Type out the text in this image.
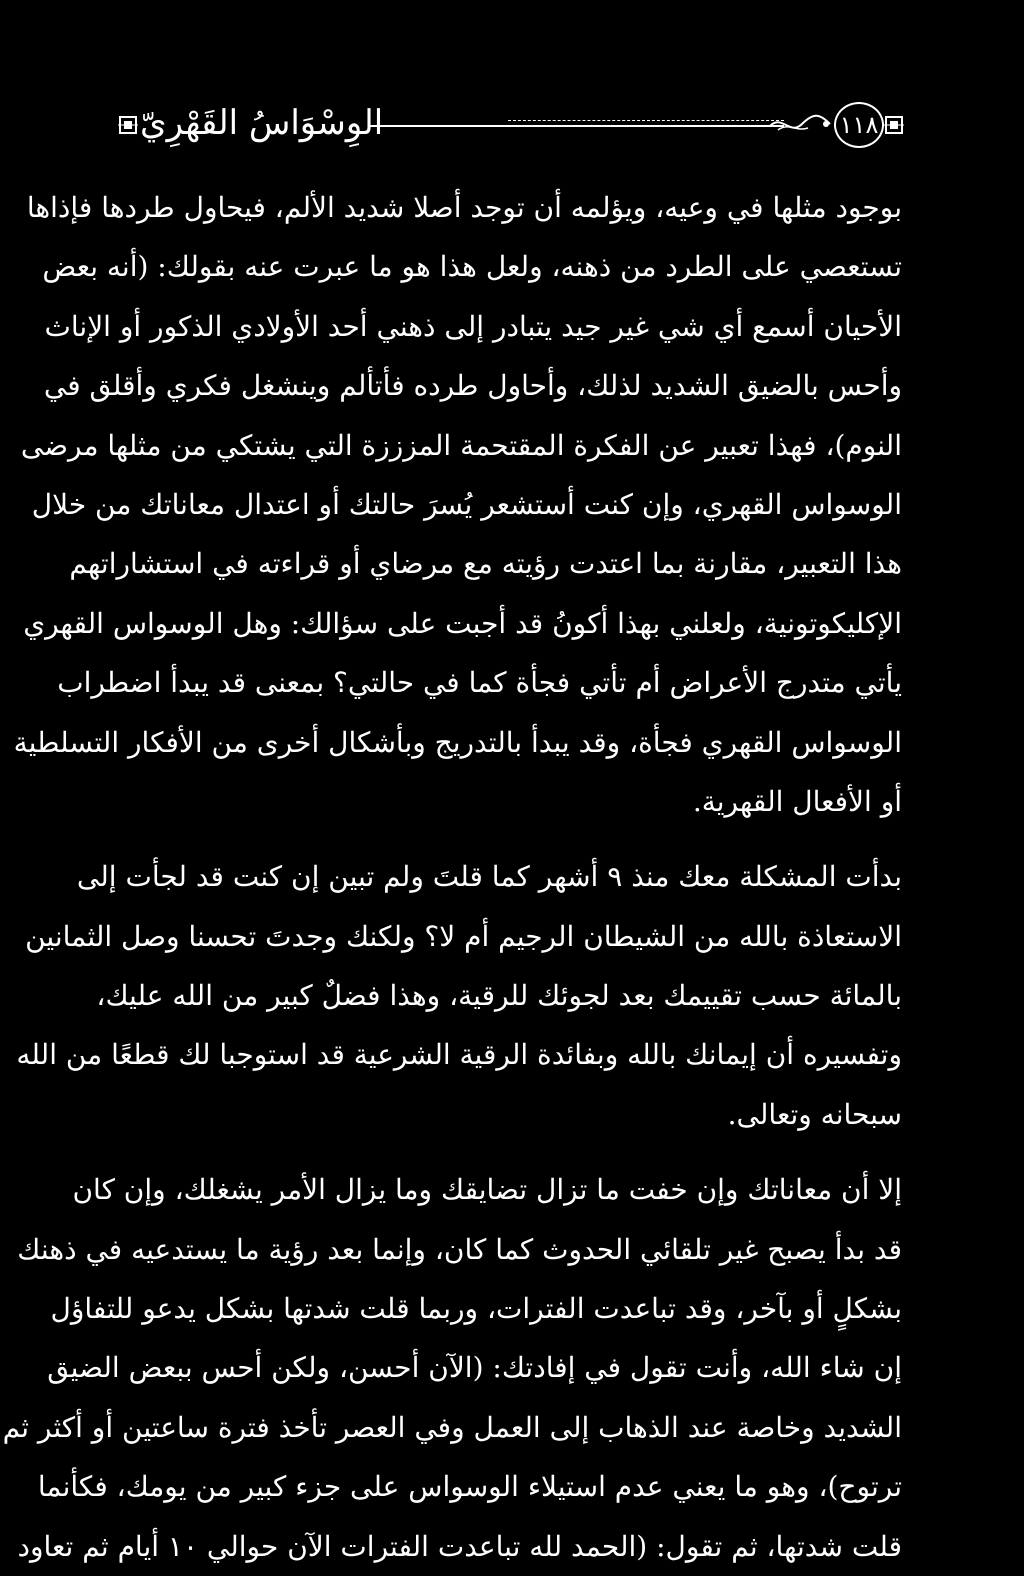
الوِسْوَاسُ القَهْرِيّ	١١٨
بوجود مثلها في وعيه، ويؤلمه أن توجد أصلا شديد الألم، فيحاول طردها فإذاها
تستعصي على الطرد من ذهنه، ولعل هذا هو ما عبرت عنه بقولك: (أنه بعض
الأحيان أسمع أي شي غير جيد يتبادر إلى ذهني أحد الأولادي الذكور أو الإناث
وأحس بالضيق الشديد لذلك، وأحاول طرده فأتألم وينشغل فكري وأقلق في
النوم)، فهذا تعبير عن الفكرة المقتحمة المزززة التي يشتكي من مثلها مرضى
الوسواس القهري، وإن كنت أستشعر يُسرَ حالتك أو اعتدال معاناتك من خلال
هذا التعبير، مقارنة بما اعتدت رؤيته مع مرضاي أو قراءته في استشاراتهم
الإكليكوتونية، ولعلني بهذا أكونُ قد أجبت على سؤالك: وهل الوسواس القهري
يأتي متدرج الأعراض أم تأتي فجأة كما في حالتي؟ بمعنى قد يبدأ اضطراب
الوسواس القهري فجأة، وقد يبدأ بالتدريج وبأشكال أخرى من الأفكار التسلطية
أو الأفعال القهرية.
بدأت المشكلة معك منذ ٩ أشهر كما قلتَ ولم تبين إن كنت قد لجأت إلى
الاستعاذة بالله من الشيطان الرجيم أم لا؟ ولكنك وجدتَ تحسنا وصل الثمانين
بالمائة حسب تقييمك بعد لجوئك للرقية، وهذا فضلٌ كبير من الله عليك،
وتفسيره أن إيمانك بالله وبفائدة الرقية الشرعية قد استوجبا لك قطعًا من الله
سبحانه وتعالى.
إلا أن معاناتك وإن خفت ما تزال تضايقك وما يزال الأمر يشغلك، وإن كان
قد بدأ يصبح غير تلقائي الحدوث كما كان، وإنما بعد رؤية ما يستدعيه في ذهنك
بشكلٍ أو بآخر، وقد تباعدت الفترات، وربما قلت شدتها بشكل يدعو للتفاؤل
إن شاء الله، وأنت تقول في إفادتك: (الآن أحسن، ولكن أحس ببعض الضيق
الشديد وخاصة عند الذهاب إلى العمل وفي العصر تأخذ فترة ساعتين أو أكثر ثم
ترتوح)، وهو ما يعني عدم استيلاء الوسواس على جزء كبير من يومك، فكأنما
قلت شدتها، ثم تقول: (الحمد لله تباعدت الفترات الآن حوالي ١٠ أيام ثم تعاود
